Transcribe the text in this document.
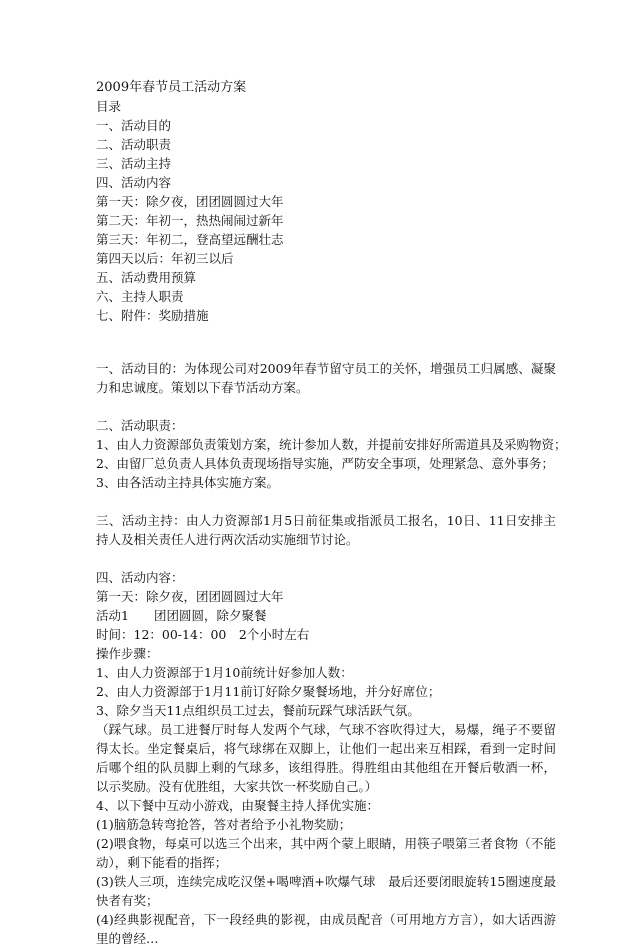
2009年春节员工活动方案
目录
一、活动目的
二、活动职责
三、活动主持
四、活动内容
第一天：除夕夜，团团圆圆过大年
第二天：年初一，热热闹闹过新年
第三天：年初二，登高望远酬壮志
第四天以后：年初三以后
五、活动费用预算
六、主持人职责
七、附件：奖励措施
一、活动目的：为体现公司对2009年春节留守员工的关怀，增强员工归属感、凝聚力和忠诚度。策划以下春节活动方案。
二、活动职责：
1、由人力资源部负责策划方案，统计参加人数，并提前安排好所需道具及采购物资；
2、由留厂总负责人具体负责现场指导实施，严防安全事项，处理紧急、意外事务；
3、由各活动主持具体实施方案。
三、活动主持：由人力资源部1月5日前征集或指派员工报名，10日、11日安排主持人及相关责任人进行两次活动实施细节讨论。
四、活动内容：
第一天：除夕夜，团团圆圆过大年
活动1　　团团圆圆，除夕聚餐
时间：12：00-14：00　2个小时左右
操作步骤：
1、由人力资源部于1月10前统计好参加人数：
2、由人力资源部于1月11前订好除夕聚餐场地，并分好席位；
3、除夕当天11点组织员工过去，餐前玩踩气球活跃气氛。
（踩气球。员工进餐厅时每人发两个气球，气球不容吹得过大，易爆，绳子不要留得太长。坐定餐桌后，将气球绑在双脚上，让他们一起出来互相踩，看到一定时间后哪个组的队员脚上剩的气球多，该组得胜。得胜组由其他组在开餐后敬酒一杯，以示奖励。没有优胜组，大家共饮一杯奖励自己。）
4、以下餐中互动小游戏，由聚餐主持人择优实施：
(1)脑筋急转弯抢答，答对者给予小礼物奖励；
(2)喂食物，每桌可以选三个出来，其中两个蒙上眼睛，用筷子喂第三者食物（不能动），剩下能看的指挥；
(3)铁人三项，连续完成吃汉堡+喝啤酒+吹爆气球　最后还要闭眼旋转15圈速度最快者有奖；
(4)经典影视配音，下一段经典的影视，由成员配音（可用地方方言），如大话西游里的曾经…
